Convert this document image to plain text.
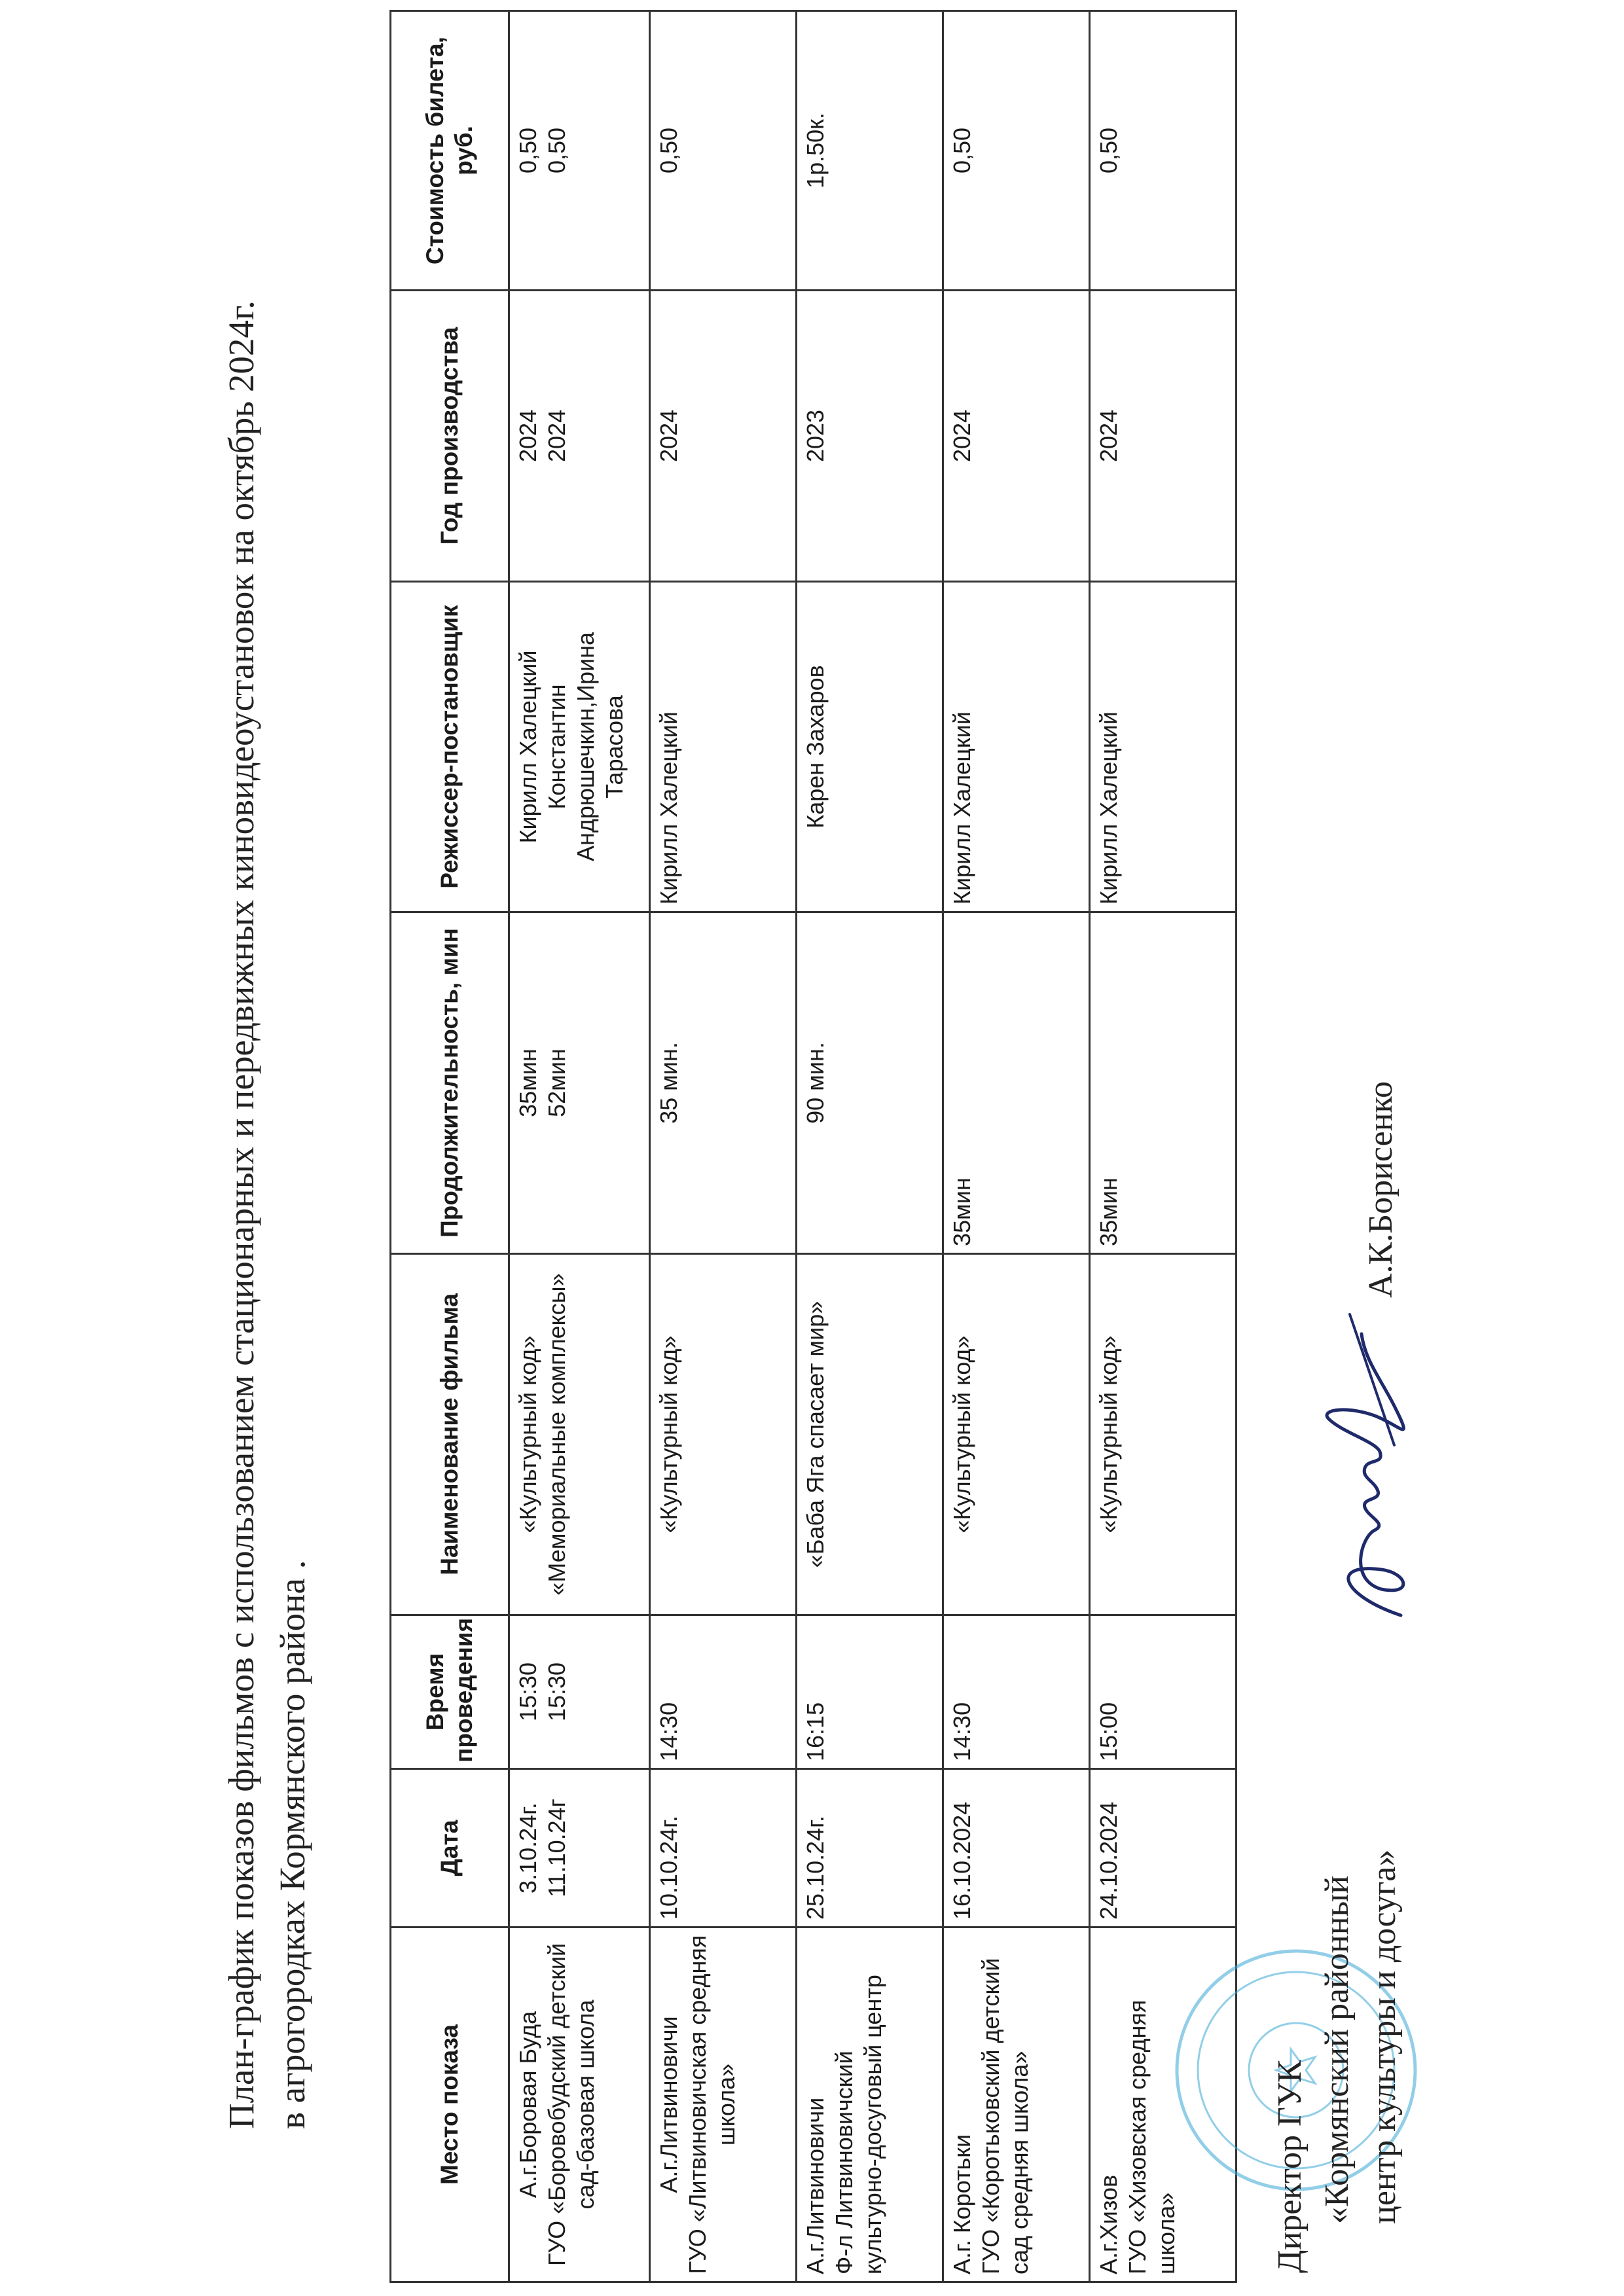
План-график показов фильмов с использованием стационарных и передвижных киновидеоустановок на октябрь 2024г. в агрогородках Кормянского района .	Место показа	Дата	Время проведения	Наименование фильма	Продолжительность, мин	Режиссер-постановщик	Год производства	Стоимость билета, руб.

А.г.Боровая Буда ГУО «Боровобудский детский сад-базовая школа	3.10.24г. 11.10.24г	15:30 15:30	«Культурный код» «Мемориальные комплексы»	35мин 52мин	Кирилл Халецкий Константин Андрюшечкин,Ирина Тарасова	2024 2024	0,50 0,50

А.г.Литвиновичи ГУО «Литвиновичская средняя школа»	10.10.24г.	14:30	«Культурный код»	35 мин.	Кирилл Халецкий	2024	0,50

А.г.Литвиновичи Ф-л Литвиновичский культурно-досуговый центр	25.10.24г.	16:15	«Баба Яга спасает мир»	90 мин.	Карен Захаров	2023	1р.50к.

А.г. Коротьки ГУО «Коротьковский детский сад средняя школа»	16.10.2024	14:30	«Культурный код»	35мин	Кирилл Халецкий	2024	0,50

А.г.Хизов ГУО «Хизовская средняя школа»	24.10.2024	15:00	«Культурный код»	35мин	Кирилл Халецкий	2024	0,50
Директор ГУК «Кормянский районный центр культуры и досуга»
А.К.Борисенко
